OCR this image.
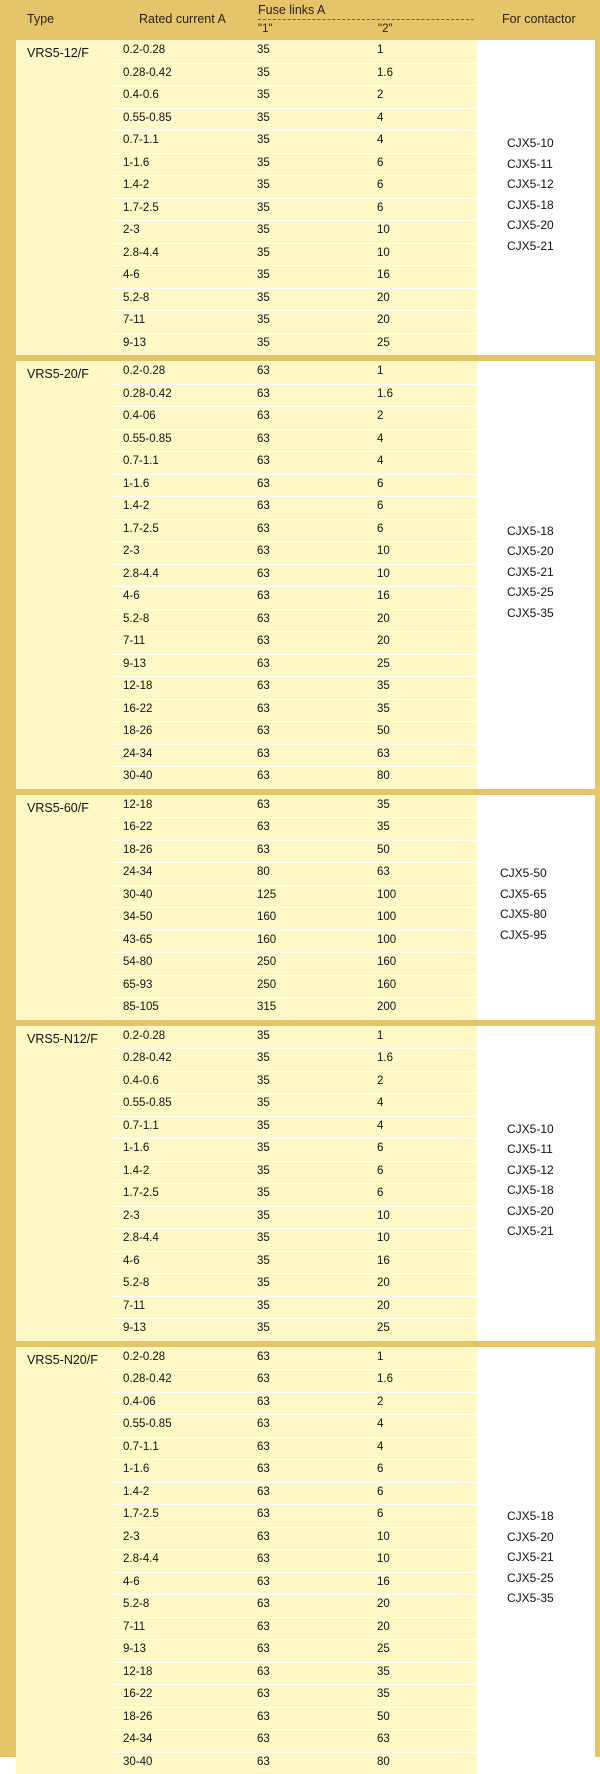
Type	Rated current A
Fuse links A
"1"	"2"
For contactor
VRS5-12/F	0.2-0.28	35	1
0.28-0.42	35	1.6
0.4-0.6	35	2
0.55-0.85	35	4
0.7-1.1	35	4
1-1.6	35	6
1.4-2	35	6
1.7-2.5	35	6
2-3	35	10
2.8-4.4	35	10
4-6	35	16
5.2-8	35	20
7-11	35	20
9-13	35	25
CJX5-10
CJX5-11
CJX5-12
CJX5-18
CJX5-20
CJX5-21
VRS5-20/F	0.2-0.28	63	1
0.28-0.42	63	1.6
0.4-06	63	2
0.55-0.85	63	4
0.7-1.1	63	4
1-1.6	63	6
1.4-2	63	6
1.7-2.5	63	6
2-3	63	10
2.8-4.4	63	10
4-6	63	16
5.2-8	63	20
7-11	63	20
9-13	63	25
12-18	63	35
16-22	63	35
18-26	63	50
24-34	63	63
30-40	63	80
CJX5-18
CJX5-20
CJX5-21
CJX5-25
CJX5-35
VRS5-60/F	12-18	63	35
16-22	63	35
18-26	63	50
24-34	80	63
30-40	125	100
34-50	160	100
43-65	160	100
54-80	250	160
65-93	250	160
85-105	315	200
CJX5-50
CJX5-65
CJX5-80
CJX5-95
VRS5-N12/F 0.2-0.28	35	1
0.28-0.42	35	1.6
0.4-0.6	35	2
0.55-0.85	35	4
0.7-1.1	35	4
1-1.6	35	6
1.4-2	35	6
1.7-2.5	35	6
2-3	35	10
2.8-4.4	35	10
4-6	35	16
5.2-8	35	20
7-11	35	20
9-13	35	25
CJX5-10
CJX5-11
CJX5-12
CJX5-18
CJX5-20
CJX5-21
VRS5-N20/F 0.2-0.28	63	1
0.28-0.42	63	1.6
0.4-06	63	2
0.55-0.85	63	4
0.7-1.1	63	4
1-1.6	63	6
1.4-2	63	6
1.7-2.5	63	6
2-3	63	10
2.8-4.4	63	10
4-6	63	16
5.2-8	63	20
7-11	63	20
9-13	63	25
12-18	63	35
16-22	63	35
18-26	63	50
24-34	63	63
30-40	63	80
CJX5-18
CJX5-20
CJX5-21
CJX5-25
CJX5-35
